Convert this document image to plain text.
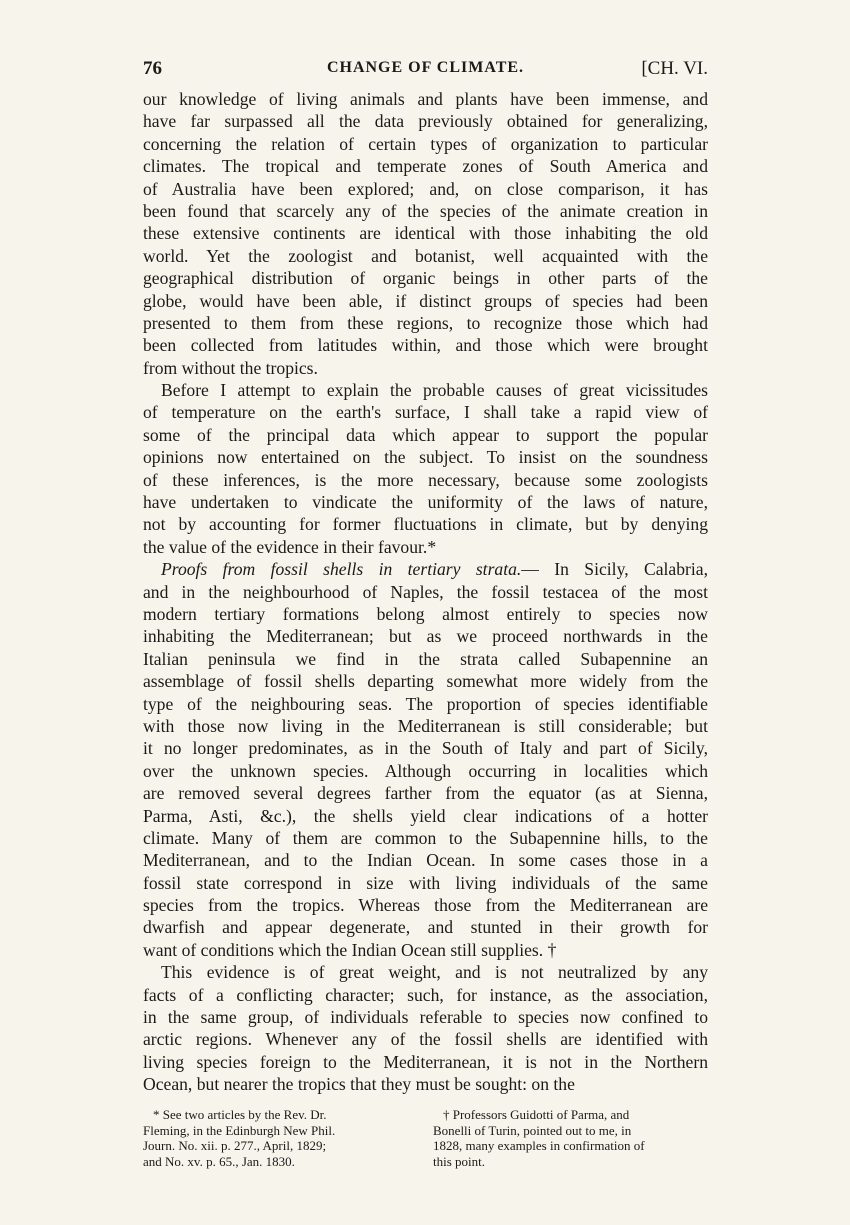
76	CHANGE OF CLIMATE.	[CH. VI.
our knowledge of living animals and plants have been immense, and
have far surpassed all the data previously obtained for generalizing,
concerning the relation of certain types of organization to particular
climates. The tropical and temperate zones of South America and
of Australia have been explored; and, on close comparison, it has
been found that scarcely any of the species of the animate creation in
these extensive continents are identical with those inhabiting the old
world. Yet the zoologist and botanist, well acquainted with the
geographical distribution of organic beings in other parts of the
globe, would have been able, if distinct groups of species had been
presented to them from these regions, to recognize those which had
been collected from latitudes within, and those which were brought
from without the tropics.
Before I attempt to explain the probable causes of great vicissitudes
of temperature on the earth's surface, I shall take a rapid view of
some of the principal data which appear to support the popular
opinions now entertained on the subject. To insist on the soundness
of these inferences, is the more necessary, because some zoologists
have undertaken to vindicate the uniformity of the laws of nature,
not by accounting for former fluctuations in climate, but by denying
the value of the evidence in their favour.*
Proofs from fossil shells in tertiary strata.— In Sicily, Calabria,
and in the neighbourhood of Naples, the fossil testacea of the most
modern tertiary formations belong almost entirely to species now
inhabiting the Mediterranean; but as we proceed northwards in the
Italian peninsula we find in the strata called Subapennine an
assemblage of fossil shells departing somewhat more widely from the
type of the neighbouring seas. The proportion of species identifiable
with those now living in the Mediterranean is still considerable; but
it no longer predominates, as in the South of Italy and part of Sicily,
over the unknown species. Although occurring in localities which
are removed several degrees farther from the equator (as at Sienna,
Parma, Asti, &c.), the shells yield clear indications of a hotter
climate. Many of them are common to the Subapennine hills, to the
Mediterranean, and to the Indian Ocean. In some cases those in a
fossil state correspond in size with living individuals of the same
species from the tropics. Whereas those from the Mediterranean are
dwarfish and appear degenerate, and stunted in their growth for
want of conditions which the Indian Ocean still supplies. †
This evidence is of great weight, and is not neutralized by any
facts of a conflicting character; such, for instance, as the association,
in the same group, of individuals referable to species now confined to
arctic regions. Whenever any of the fossil shells are identified with
living species foreign to the Mediterranean, it is not in the Northern
Ocean, but nearer the tropics that they must be sought: on the
* See two articles by the Rev. Dr.
Fleming, in the Edinburgh New Phil.
Journ. No. xii. p. 277., April, 1829;
and No. xv. p. 65., Jan. 1830.
† Professors Guidotti of Parma, and
Bonelli of Turin, pointed out to me, in
1828, many examples in confirmation of
this point.
